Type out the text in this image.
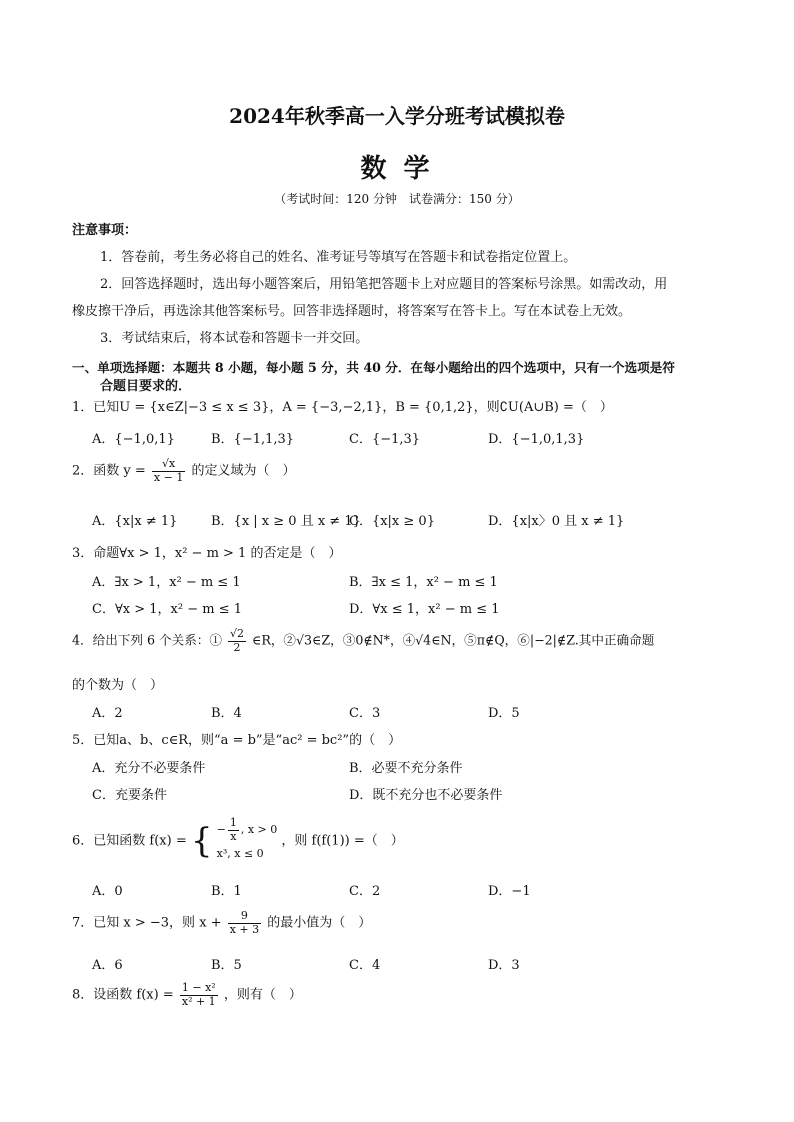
2024年秋季高一入学分班考试模拟卷
数 学
（考试时间：120 分钟　试卷满分：150 分）
注意事项：
1．答卷前，考生务必将自己的姓名、准考证号等填写在答题卡和试卷指定位置上。
2．回答选择题时，选出每小题答案后，用铅笔把答题卡上对应题目的答案标号涂黑。如需改动，用
橡皮擦干净后，再选涂其他答案标号。回答非选择题时，将答案写在答卡上。写在本试卷上无效。
3．考试结束后，将本试卷和答题卡一并交回。
一、单项选择题：本题共 8 小题，每小题 5 分，共 40 分．在每小题给出的四个选项中，只有一个选项是符
合题目要求的．
1．已知U = {x∈Z|−3 ≤ x ≤ 3}，A = {−3,−2,1}，B = {0,1,2}，则∁U(A∪B) =（　）
A．{−1,0,1}	B．{−1,1,3}	C．{−1,3}	D．{−1,0,1,3}
2．函数 $y = \frac{√x}{x - 1}$ 的定义域为（　）
A．{x|x ≠ 1}	B．{x | x ≥ 0 且 x ≠ 1}
C．{x|x ≥ 0}	D．{x|x〉0 且 x ≠ 1}
3．命题∀x > 1，x² − m > 1 的否定是（　）
A．∃x > 1，x² − m ≤ 1	B．∃x ≤ 1，x² − m ≤ 1
C．∀x > 1，x² − m ≤ 1	D．∀x ≤ 1，x² − m ≤ 1
4．给出下列 6 个关系：① $\frac{√2}{2}$ ∈R，②√3∈Z，③0∉N*，④√4∈N，⑤π∉Q，⑥|−2|∉Z.其中正确命题
的个数为（　）
A．2	B．4	C．3	D．5
5．已知a、b、c∈R，则“a = b”是“ac² = bc²”的（　）
A．充分不必要条件	B．必要不充分条件
C．充要条件	D．既不充分也不必要条件
6．已知函数 f(x) = { − $\frac{1}{x}$ , x > 0
x³, x ≤ 0
，则 f(f(1)) =（　）
A．0	B．1	C．2	D．−1
7．已知 x > −3，则 $x + \frac{9}{x + 3}$ 的最小值为（　）
A．6	B．5	C．4	D．3
8．设函数 $f(x) = \frac{\text{1 − x²}}{\text{x² + 1}}$ ，则有（　）
